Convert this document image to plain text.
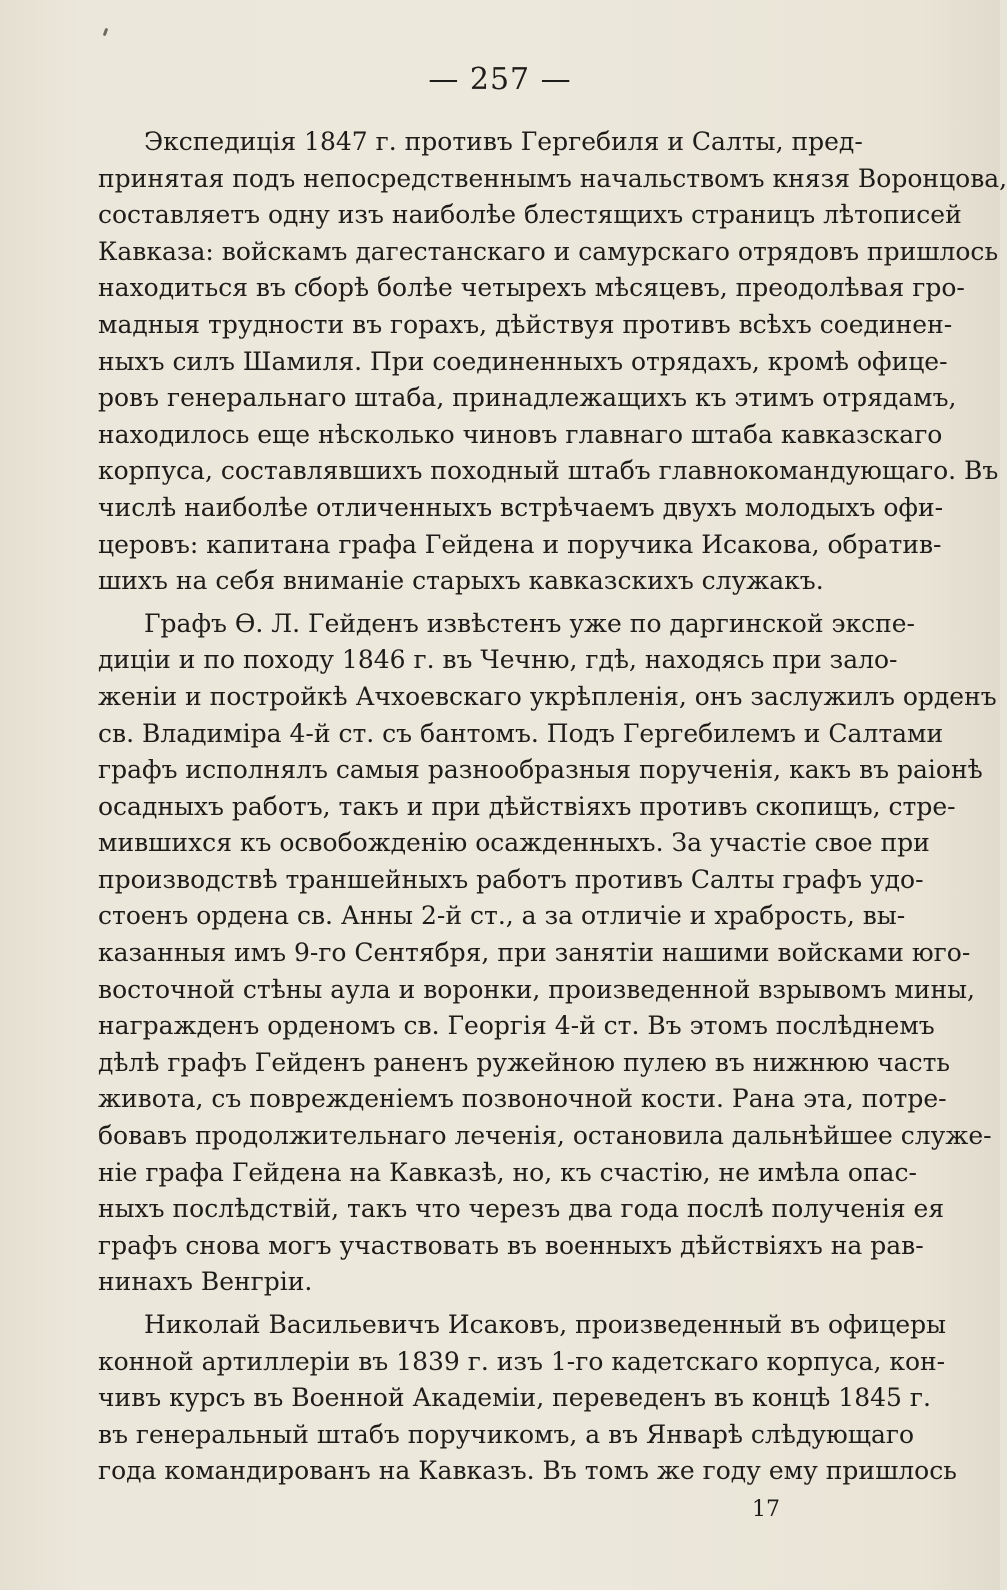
— 257 —
Экспедиція 1847 г. противъ Гергебиля и Салты, пред-
принятая подъ непосредственнымъ начальствомъ князя Воронцова,
составляетъ одну изъ наиболѣе блестящихъ страницъ лѣтописей
Кавказа: войскамъ дагестанскаго и самурскаго отрядовъ пришлось
находиться въ сборѣ болѣе четырехъ мѣсяцевъ, преодолѣвая гро-
мадныя трудности въ горахъ, дѣйствуя противъ всѣхъ соединен-
ныхъ силъ Шамиля. При соединенныхъ отрядахъ, кромѣ офице-
ровъ генеральнаго штаба, принадлежащихъ къ этимъ отрядамъ,
находилось еще нѣсколько чиновъ главнаго штаба кавказскаго
корпуса, составлявшихъ походный штабъ главнокомандующаго. Въ
числѣ наиболѣе отличенныхъ встрѣчаемъ двухъ молодыхъ офи-
церовъ: капитана графа Гейдена и поручика Исакова, обратив-
шихъ на себя вниманіе старыхъ кавказскихъ служакъ.
Графъ Ѳ. Л. Гейденъ извѣстенъ уже по даргинской экспе-
диціи и по походу 1846 г. въ Чечню, гдѣ, находясь при зало-
женіи и постройкѣ Ачхоевскаго укрѣпленія, онъ заслужилъ орденъ
св. Владиміра 4-й ст. съ бантомъ. Подъ Гергебилемъ и Салтами
графъ исполнялъ самыя разнообразныя порученія, какъ въ раіонѣ
осадныхъ работъ, такъ и при дѣйствіяхъ противъ скопищъ, стре-
мившихся къ освобожденію осажденныхъ. За участіе свое при
производствѣ траншейныхъ работъ противъ Салты графъ удо-
стоенъ ордена св. Анны 2-й ст., а за отличіе и храбрость, вы-
казанныя имъ 9-го Сентября, при занятіи нашими войсками юго-
восточной стѣны аула и воронки, произведенной взрывомъ мины,
награжденъ орденомъ св. Георгія 4-й ст. Въ этомъ послѣднемъ
дѣлѣ графъ Гейденъ раненъ ружейною пулею въ нижнюю часть
живота, съ поврежденіемъ позвоночной кости. Рана эта, потре-
бовавъ продолжительнаго леченія, остановила дальнѣйшее служе-
ніе графа Гейдена на Кавказѣ, но, къ счастію, не имѣла опас-
ныхъ послѣдствій, такъ что черезъ два года послѣ полученія ея
графъ снова могъ участвовать въ военныхъ дѣйствіяхъ на рав-
нинахъ Венгріи.
Николай Васильевичъ Исаковъ, произведенный въ офицеры
конной артиллеріи въ 1839 г. изъ 1-го кадетскаго корпуса, кон-
чивъ курсъ въ Военной Академіи, переведенъ въ концѣ 1845 г.
въ генеральный штабъ поручикомъ, а въ Январѣ слѣдующаго
года командированъ на Кавказъ. Въ томъ же году ему пришлось
17
